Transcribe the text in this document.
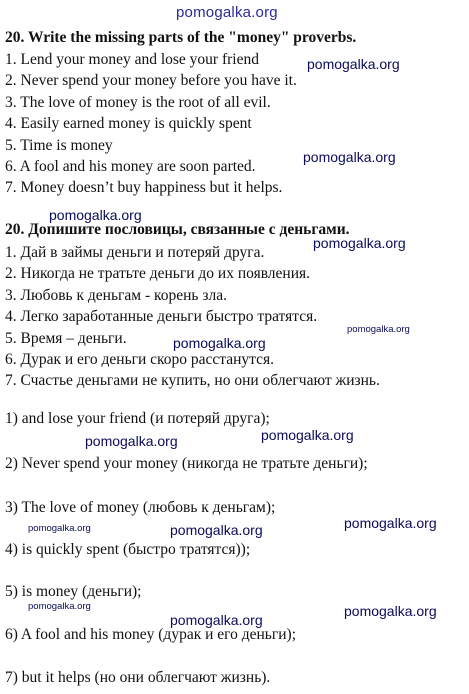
pomogalka.org
pomogalka.org
pomogalka.org
pomogalka.org
pomogalka.org
pomogalka.org
pomogalka.org
pomogalka.org	pomogalka.org
pomogalka.org	pomogalka.org	pomogalka.org
pomogalka.org
pomogalka.org
pomogalka.org
20. Write the missing parts of the "money" proverbs.
1. Lend your money and lose your friend
2. Never spend your money before you have it.
3. The love of money is the root of all evil.
4. Easily earned money is quickly spent
5. Time is money
6. A fool and his money are soon parted.
7. Money doesn’t buy happiness but it helps.
20. Допишите пословицы, связанные с деньгами.
1. Дай в займы деньги и потеряй друга.
2. Никогда не тратьте деньги до их появления.
3. Любовь к деньгам - корень зла.
4. Легко заработанные деньги быстро тратятся.
5. Время – деньги.
6. Дурак и его деньги скоро расстанутся.
7. Счастье деньгами не купить, но они облегчают жизнь.
1) and lose your friend (и потеряй друга);
2) Never spend your money (никогда не тратьте деньги);
3) The love of money (любовь к деньгам);
4) is quickly spent (быстро тратятся));
5) is money (деньги);
6) A fool and his money (дурак и его деньги);
7) but it helps (но они облегчают жизнь).
